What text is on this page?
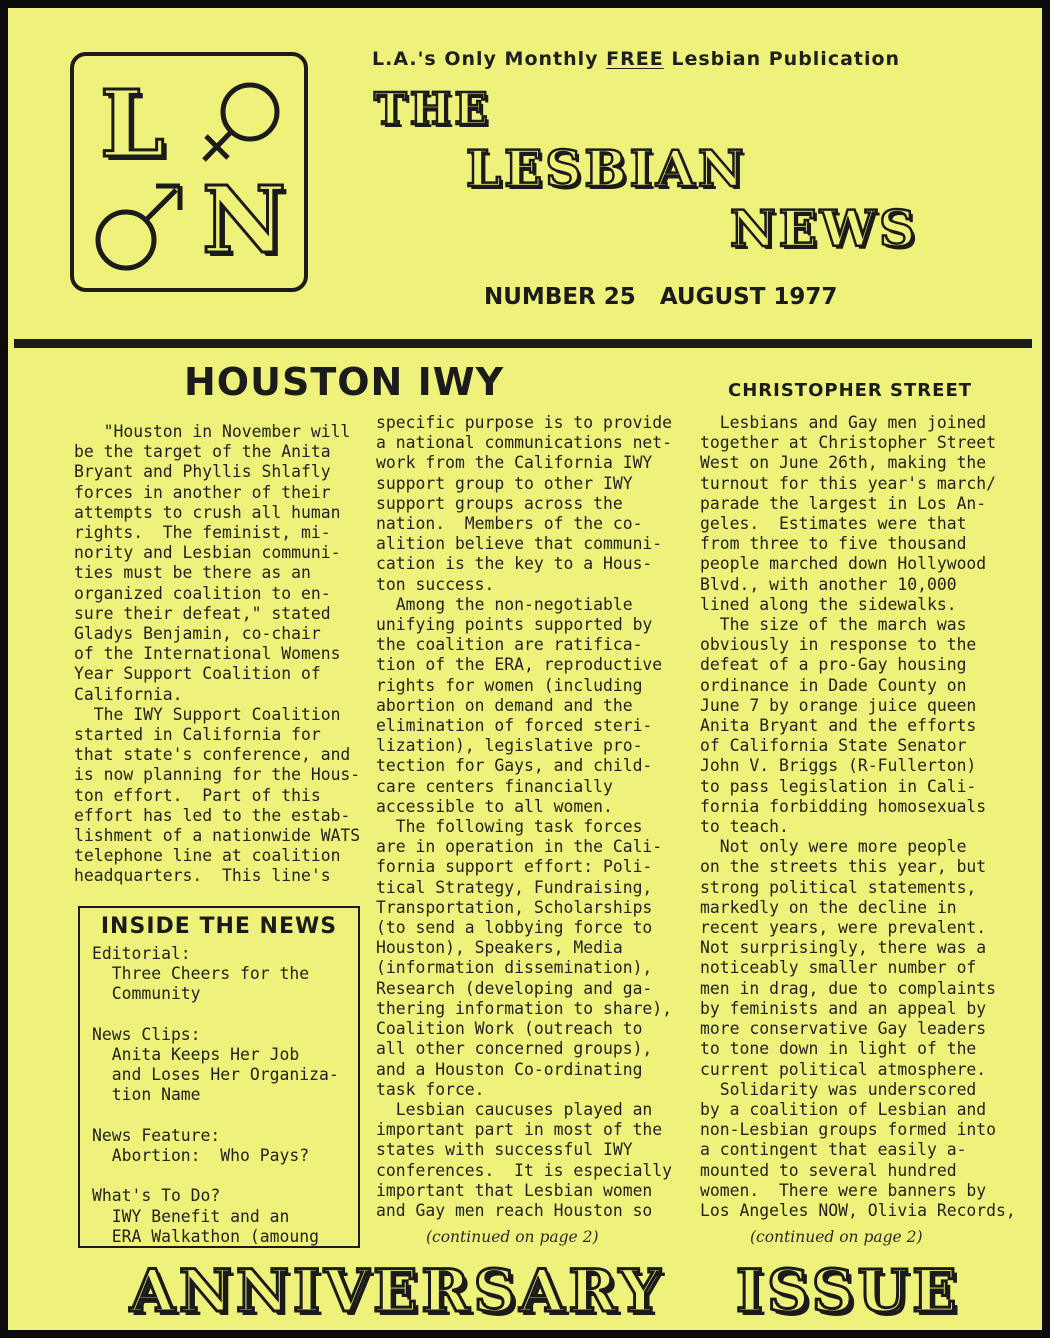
L
N
L.A.'s Only Monthly FREE Lesbian Publication
THE
LESBIAN
NEWS
NUMBER 25 AUGUST 1977
HOUSTON IWY
"Houston in November will
be the target of the Anita
Bryant and Phyllis Shlafly
forces in another of their
attempts to crush all human
rights.  The feminist, mi-
nority and Lesbian communi-
ties must be there as an
organized coalition to en-
sure their defeat," stated
Gladys Benjamin, co-chair
of the International Womens
Year Support Coalition of
California.
The IWY Support Coalition
started in California for
that state's conference, and
is now planning for the Hous-
ton effort.  Part of this
effort has led to the estab-
lishment of a nationwide WATS
telephone line at coalition
headquarters.  This line's
specific purpose is to provide
a national communications net-
work from the California IWY
support group to other IWY
support groups across the
nation.  Members of the co-
alition believe that communi-
cation is the key to a Hous-
ton success.
Among the non-negotiable
unifying points supported by
the coalition are ratifica-
tion of the ERA, reproductive
rights for women (including
abortion on demand and the
elimination of forced steri-
lization), legislative pro-
tection for Gays, and child-
care centers financially
accessible to all women.
The following task forces
are in operation in the Cali-
fornia support effort: Poli-
tical Strategy, Fundraising,
Transportation, Scholarships
(to send a lobbying force to
Houston), Speakers, Media
(information dissemination),
Research (developing and ga-
thering information to share),
Coalition Work (outreach to
all other concerned groups),
and a Houston Co-ordinating
task force.
Lesbian caucuses played an
important part in most of the
states with successful IWY
conferences.  It is especially
important that Lesbian women
and Gay men reach Houston so
(continued on page 2)
CHRISTOPHER STREET
Lesbians and Gay men joined
together at Christopher Street
West on June 26th, making the
turnout for this year's march/
parade the largest in Los An-
geles.  Estimates were that
from three to five thousand
people marched down Hollywood
Blvd., with another 10,000
lined along the sidewalks.
The size of the march was
obviously in response to the
defeat of a pro-Gay housing
ordinance in Dade County on
June 7 by orange juice queen
Anita Bryant and the efforts
of California State Senator
John V. Briggs (R-Fullerton)
to pass legislation in Cali-
fornia forbidding homosexuals
to teach.
Not only were more people
on the streets this year, but
strong political statements,
markedly on the decline in
recent years, were prevalent.
Not surprisingly, there was a
noticeably smaller number of
men in drag, due to complaints
by feminists and an appeal by
more conservative Gay leaders
to tone down in light of the
current political atmosphere.
Solidarity was underscored
by a coalition of Lesbian and
non-Lesbian groups formed into
a contingent that easily a-
mounted to several hundred
women.  There were banners by
Los Angeles NOW, Olivia Records,
(continued on page 2)
INSIDE THE NEWS
Editorial:
Three Cheers for the
Community

News Clips:
Anita Keeps Her Job
and Loses Her Organiza-
tion Name

News Feature:
Abortion:  Who Pays?

What's To Do?
IWY Benefit and an
ERA Walkathon (amoung
ANNIVERSARY ISSUE
